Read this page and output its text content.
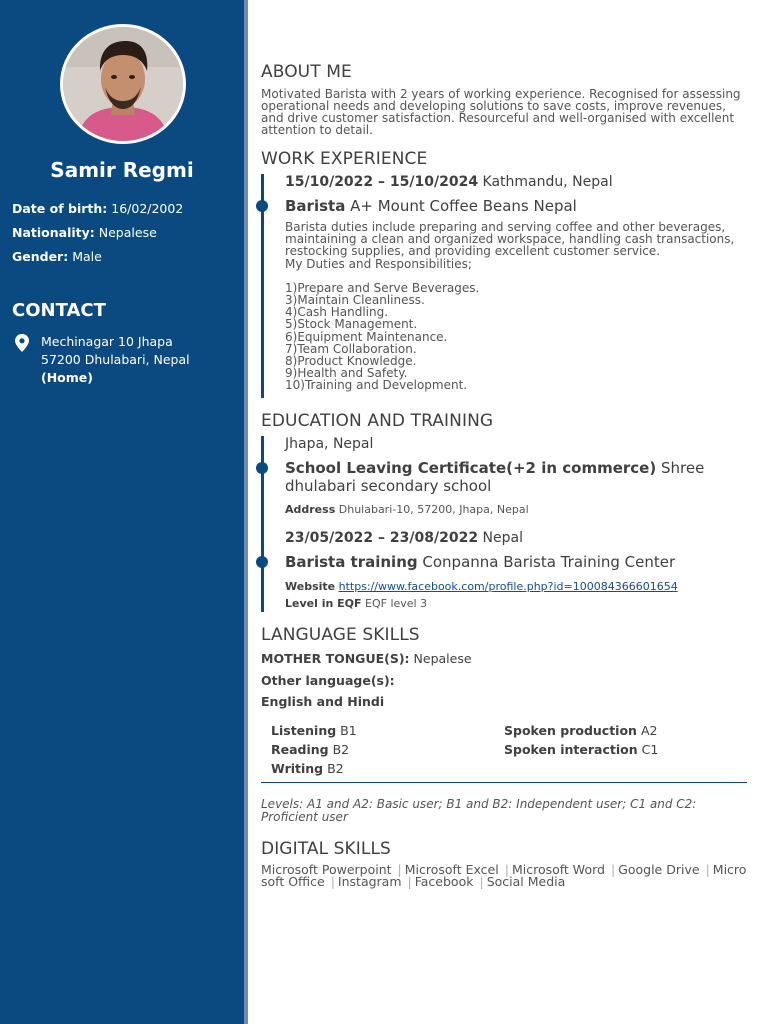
Samir Regmi
Date of birth: 16/02/2002
Nationality: Nepalese
Gender: Male
CONTACT
Mechinagar 10 Jhapa
57200 Dhulabari, Nepal
(Home)
ABOUT ME
Motivated Barista with 2 years of working experience. Recognised for assessing operational needs and developing solutions to save costs, improve revenues, and drive customer satisfaction. Resourceful and well-organised with excellent attention to detail.
WORK EXPERIENCE
15/10/2022 – 15/10/2024 Kathmandu, Nepal
Barista A+ Mount Coffee Beans Nepal
Barista duties include preparing and serving coffee and other beverages, maintaining a clean and organized workspace, handling cash transactions, restocking supplies, and providing excellent customer service.
My Duties and Responsibilities;
1)Prepare and Serve Beverages.
3)Maintain Cleanliness.
4)Cash Handling.
5)Stock Management.
6)Equipment Maintenance.
7)Team Collaboration.
8)Product Knowledge.
9)Health and Safety.
10)Training and Development.
EDUCATION AND TRAINING
Jhapa, Nepal
School Leaving Certificate(+2 in commerce) Shree dhulabari secondary school
Address Dhulabari-10, 57200, Jhapa, Nepal
23/05/2022 – 23/08/2022 Nepal
Barista training Conpanna Barista Training Center
Website https://www.facebook.com/profile.php?id=100084366601654
Level in EQF EQF level 3
LANGUAGE SKILLS
MOTHER TONGUE(S): Nepalese
Other language(s):
English and Hindi
Listening B1
Reading B2
Writing B2
Spoken production A2
Spoken interaction C1
Levels: A1 and A2: Basic user; B1 and B2: Independent user; C1 and C2: Proficient user
DIGITAL SKILLS
Microsoft Powerpoint | Microsoft Excel | Microsoft Word | Google Drive | Microsoft Office | Instagram | Facebook | Social Media
